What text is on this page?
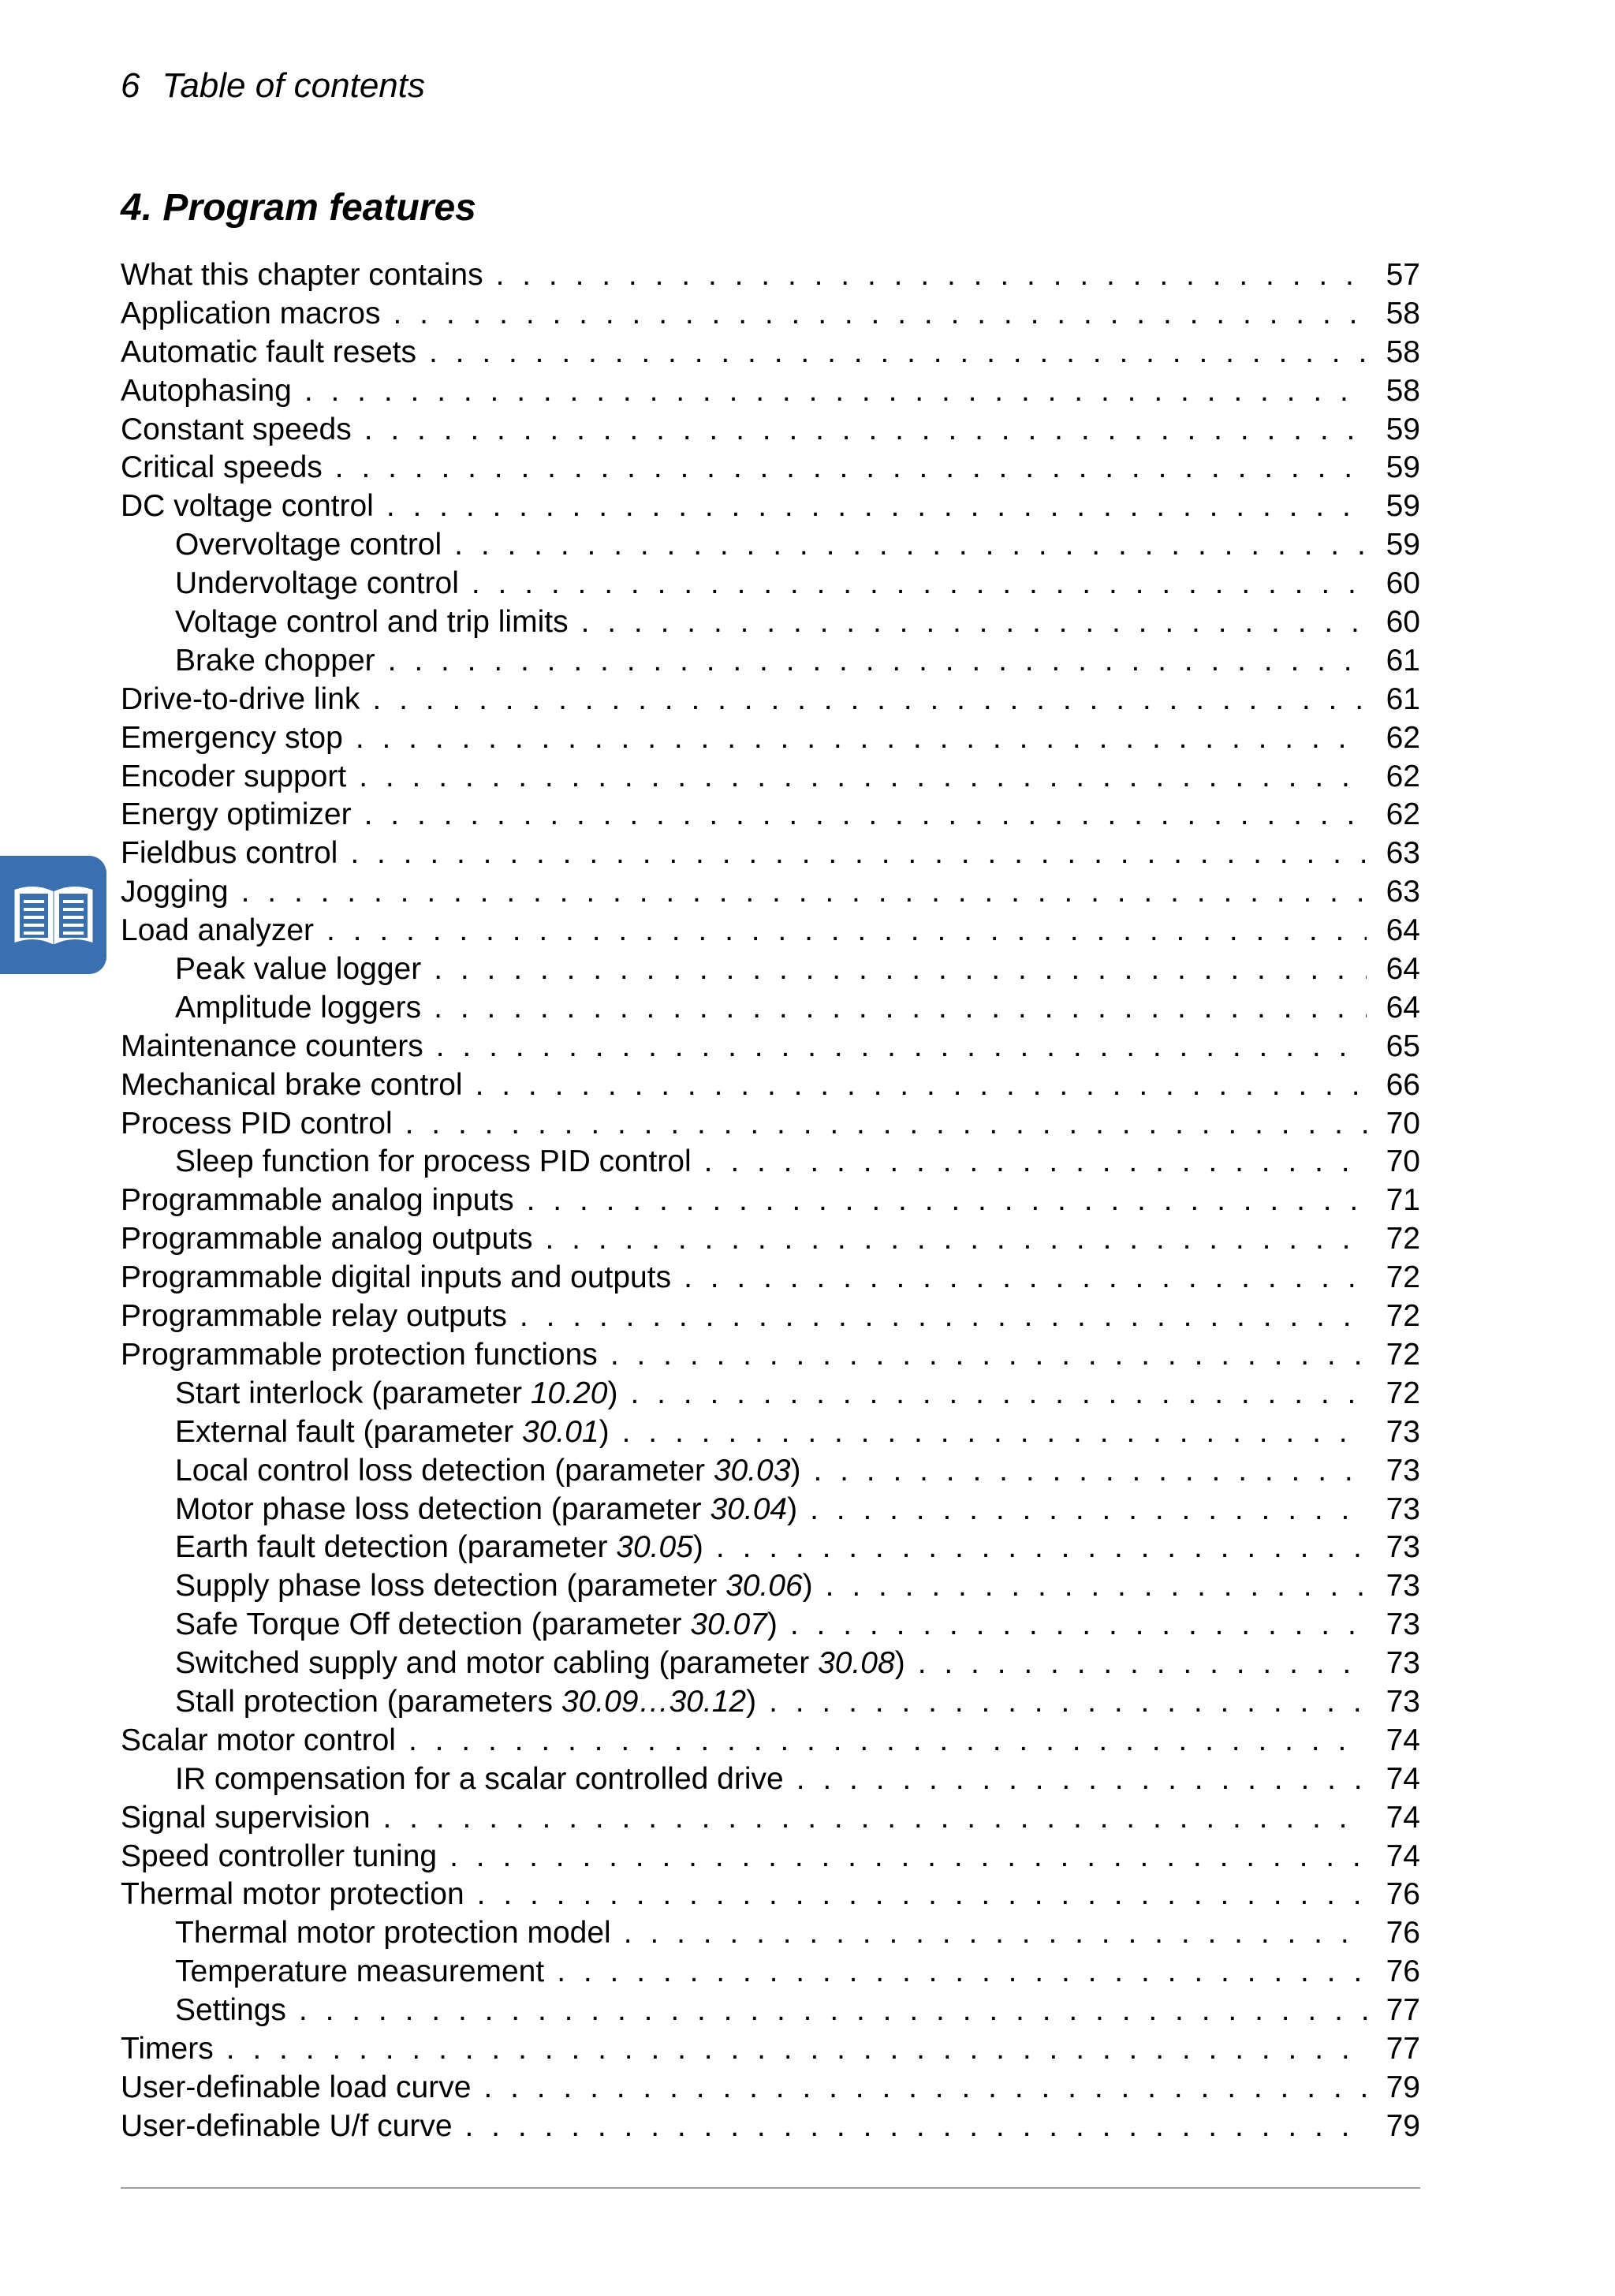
6 Table of contents
4. Program features
What this chapter contains . . .	57
Application macros . . .	58
Automatic fault resets . . .	58
Autophasing . . .	58
Constant speeds . . .	59
Critical speeds . . .	59
DC voltage control . . .	59
Overvoltage control . . .	59
Undervoltage control . . .	60
Voltage control and trip limits . . .	60
Brake chopper . . .	61
Drive-to-drive link . . .	61
Emergency stop . . .	62
Encoder support . . .	62
Energy optimizer . . .	62
Fieldbus control . . .	63
Jogging . . .	63
Load analyzer . . .	64
Peak value logger . . .	64
Amplitude loggers . . .	64
Maintenance counters . . .	65
Mechanical brake control . . .	66
Process PID control . . .	70
Sleep function for process PID control . . .	70
Programmable analog inputs . . .	71
Programmable analog outputs . . .	72
Programmable digital inputs and outputs . . .	72
Programmable relay outputs . . .	72
Programmable protection functions . . .	72
Start interlock (parameter 10.20) . . .	72
External fault (parameter 30.01) . . .	73
Local control loss detection (parameter 30.03) . . .	73
Motor phase loss detection (parameter 30.04) . . .	73
Earth fault detection (parameter 30.05) . . .	73
Supply phase loss detection (parameter 30.06) . . .	73
Safe Torque Off detection (parameter 30.07) . . .	73
Switched supply and motor cabling (parameter 30.08) . . .	73
Stall protection (parameters 30.09…30.12) . . .	73
Scalar motor control . . .	74
IR compensation for a scalar controlled drive . . .	74
Signal supervision . . .	74
Speed controller tuning . . .	74
Thermal motor protection . . .	76
Thermal motor protection model . . .	76
Temperature measurement . . .	76
Settings . . .	77
Timers . . .	77
User-definable load curve . . .	79
User-definable U/f curve . . .	79
